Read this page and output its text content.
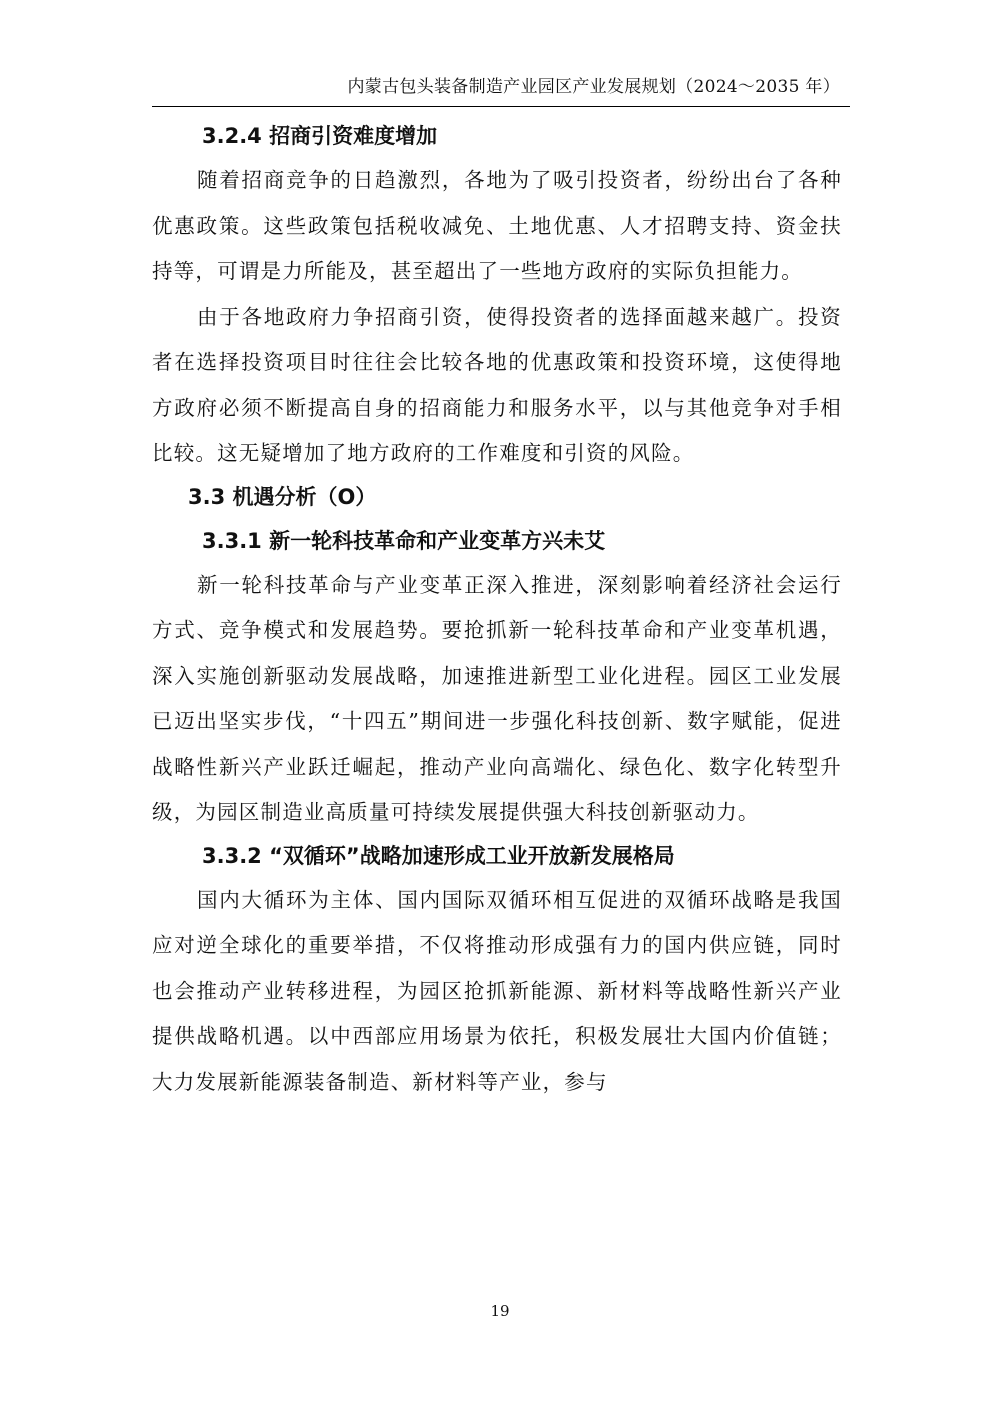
内蒙古包头装备制造产业园区产业发展规划（2024～2035 年）
3.2.4 招商引资难度增加

随着招商竞争的日趋激烈，各地为了吸引投资者，纷纷出台了各种优惠政策。这些政策包括税收减免、土地优惠、人才招聘支持、资金扶持等，可谓是力所能及，甚至超出了一些地方政府的实际负担能力。

由于各地政府力争招商引资，使得投资者的选择面越来越广。投资者在选择投资项目时往往会比较各地的优惠政策和投资环境，这使得地方政府必须不断提高自身的招商能力和服务水平，以与其他竞争对手相比较。这无疑增加了地方政府的工作难度和引资的风险。

3.3 机遇分析（O）
3.3.1 新一轮科技革命和产业变革方兴未艾

新一轮科技革命与产业变革正深入推进，深刻影响着经济社会运行方式、竞争模式和发展趋势。要抢抓新一轮科技革命和产业变革机遇，深入实施创新驱动发展战略，加速推进新型工业化进程。园区工业发展已迈出坚实步伐，“十四五”期间进一步强化科技创新、数字赋能，促进战略性新兴产业跃迁崛起，推动产业向高端化、绿色化、数字化转型升级，为园区制造业高质量可持续发展提供强大科技创新驱动力。

3.3.2 “双循环”战略加速形成工业开放新发展格局

国内大循环为主体、国内国际双循环相互促进的双循环战略是我国应对逆全球化的重要举措，不仅将推动形成强有力的国内供应链，同时也会推动产业转移进程，为园区抢抓新能源、新材料等战略性新兴产业提供战略机遇。以中西部应用场景为依托，积极发展壮大国内价值链；大力发展新能源装备制造、新材料等产业，参与

19
